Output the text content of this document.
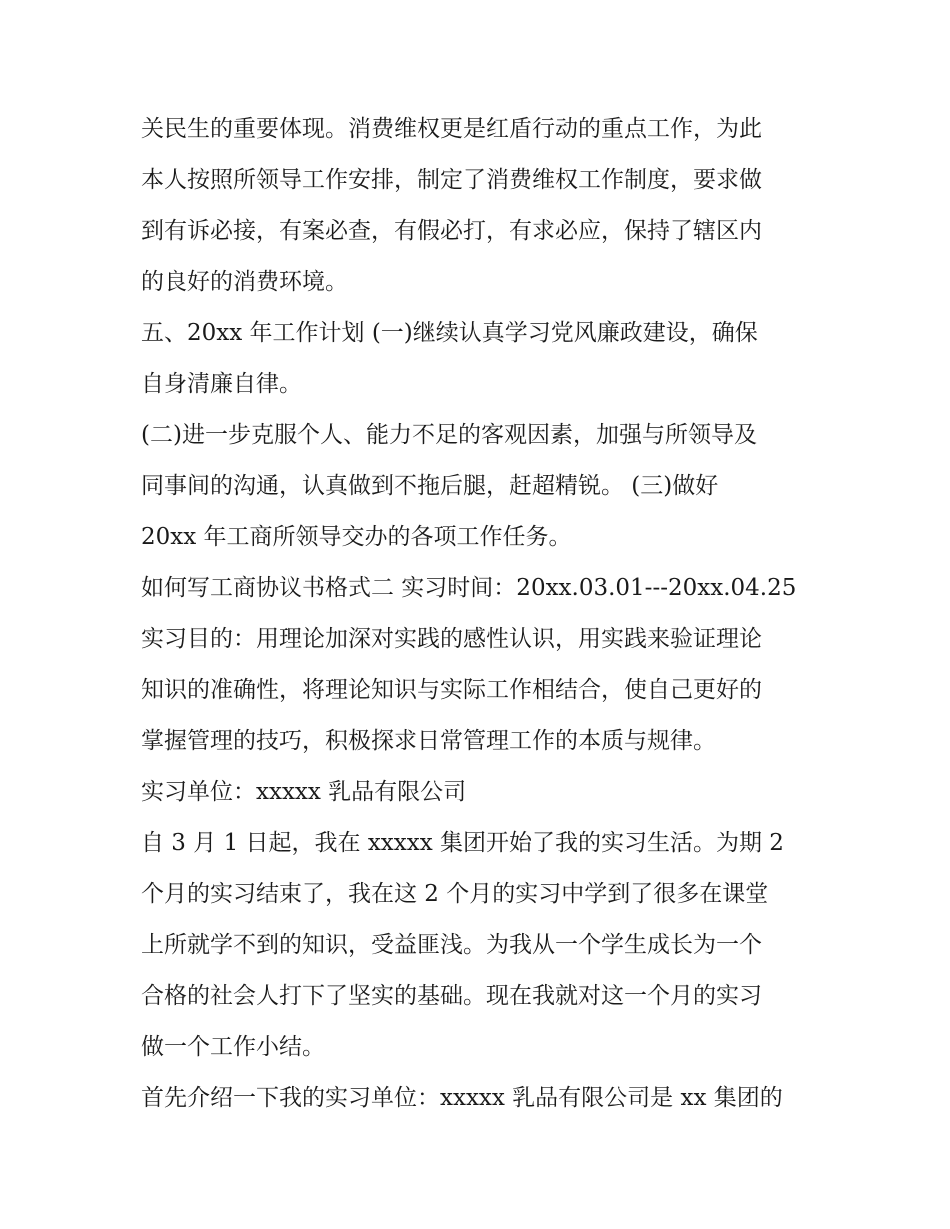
关民生的重要体现。消费维权更是红盾行动的重点工作，为此
本人按照所领导工作安排，制定了消费维权工作制度，要求做
到有诉必接，有案必查，有假必打，有求必应，保持了辖区内
的良好的消费环境。
五、20xx 年工作计划 (一)继续认真学习党风廉政建设，确保
自身清廉自律。
(二)进一步克服个人、能力不足的客观因素，加强与所领导及
同事间的沟通，认真做到不拖后腿，赶超精锐。 (三)做好
20xx 年工商所领导交办的各项工作任务。
如何写工商协议书格式二 实习时间：20xx.03.01---20xx.04.25
实习目的：用理论加深对实践的感性认识，用实践来验证理论
知识的准确性，将理论知识与实际工作相结合，使自己更好的
掌握管理的技巧，积极探求日常管理工作的本质与规律。
实习单位：xxxxx 乳品有限公司
自 3 月 1 日起，我在 xxxxx 集团开始了我的实习生活。为期 2
个月的实习结束了，我在这 2 个月的实习中学到了很多在课堂
上所就学不到的知识，受益匪浅。为我从一个学生成长为一个
合格的社会人打下了坚实的基础。现在我就对这一个月的实习
做一个工作小结。
首先介绍一下我的实习单位：xxxxx 乳品有限公司是 xx 集团的
